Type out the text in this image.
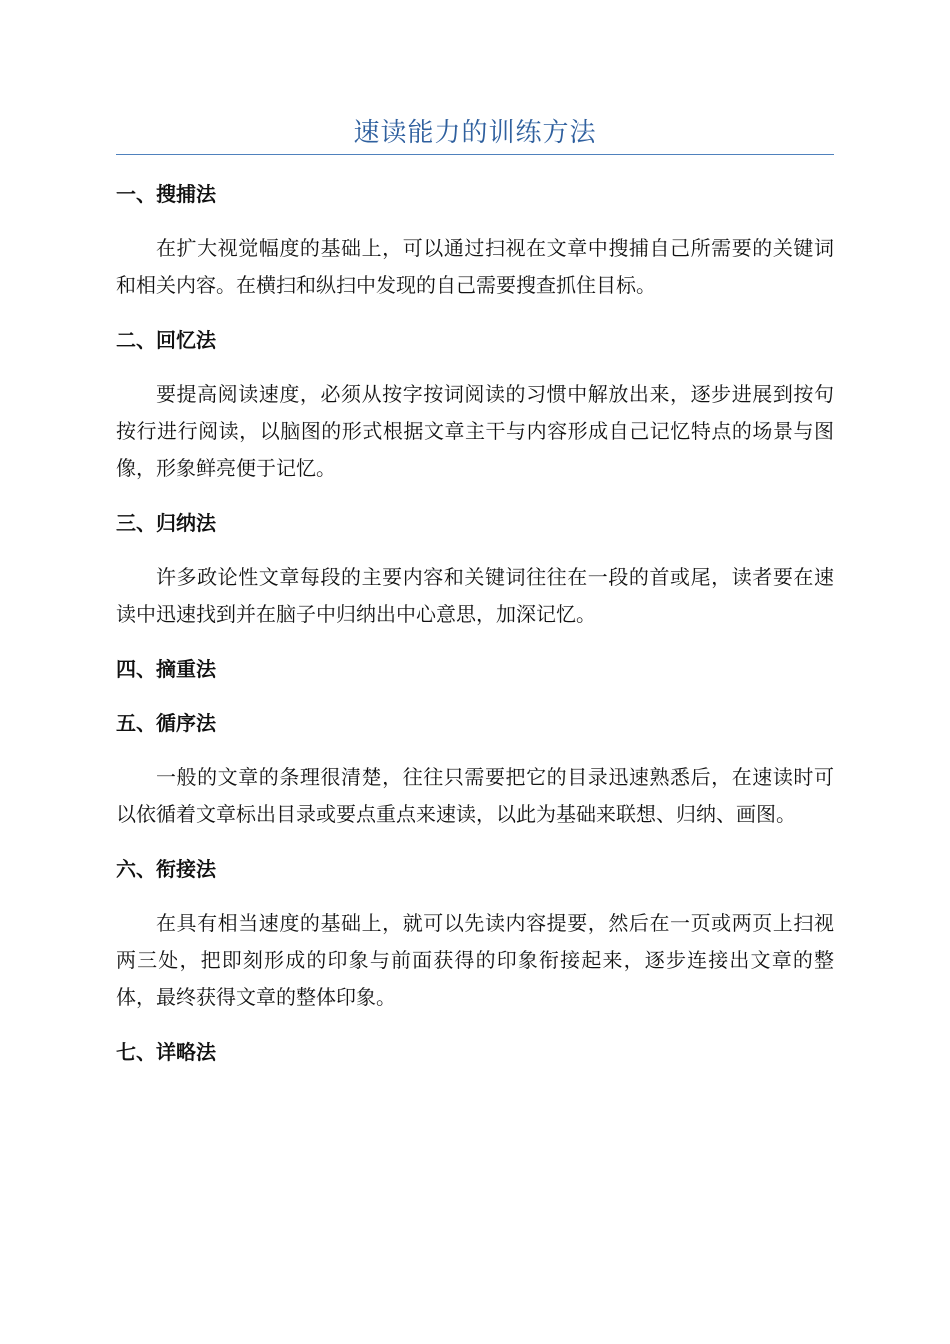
速读能力的训练方法
一、搜捕法

在扩大视觉幅度的基础上，可以通过扫视在文章中搜捕自己所需要的关键词和相关内容。在横扫和纵扫中发现的自己需要搜查抓住目标。

二、回忆法

要提高阅读速度，必须从按字按词阅读的习惯中解放出来，逐步进展到按句按行进行阅读，以脑图的形式根据文章主干与内容形成自己记忆特点的场景与图像，形象鲜亮便于记忆。

三、归纳法

许多政论性文章每段的主要内容和关键词往往在一段的首或尾，读者要在速读中迅速找到并在脑子中归纳出中心意思，加深记忆。

四、摘重法
五、循序法

一般的文章的条理很清楚，往往只需要把它的目录迅速熟悉后，在速读时可以依循着文章标出目录或要点重点来速读，以此为基础来联想、归纳、画图。

六、衔接法

在具有相当速度的基础上，就可以先读内容提要，然后在一页或两页上扫视两三处，把即刻形成的印象与前面获得的印象衔接起来，逐步连接出文章的整体，最终获得文章的整体印象。

七、详略法
